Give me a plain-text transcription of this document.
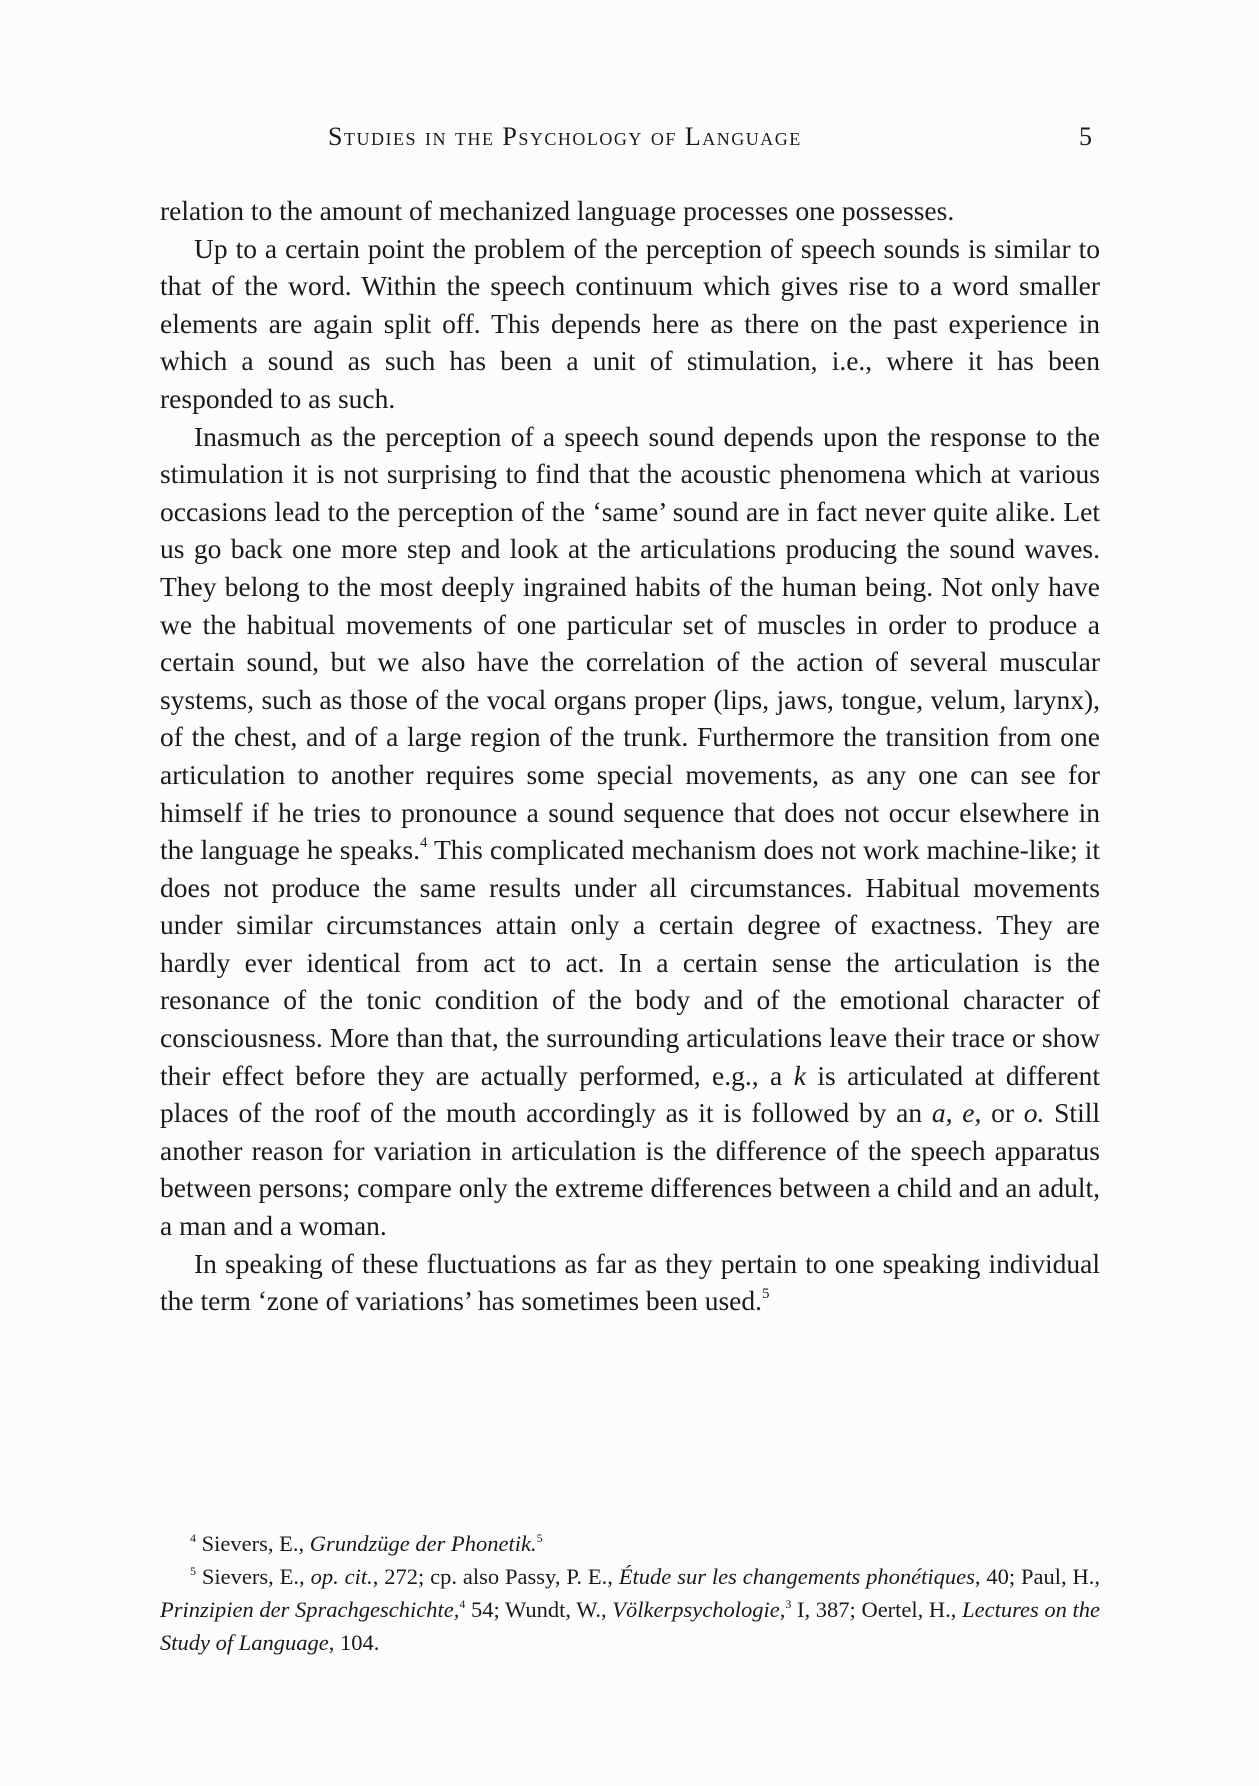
Studies in the Psychology of Language	5

relation to the amount of mechanized language processes one possesses.

Up to a certain point the problem of the perception of speech sounds is similar to that of the word. Within the speech continuum which gives rise to a word smaller elements are again split off. This depends here as there on the past experience in which a sound as such has been a unit of stimulation, i.e., where it has been responded to as such.

Inasmuch as the perception of a speech sound depends upon the response to the stimulation it is not surprising to find that the acoustic phenomena which at various occasions lead to the perception of the ‘same’ sound are in fact never quite alike. Let us go back one more step and look at the articulations producing the sound waves. They belong to the most deeply ingrained habits of the human being. Not only have we the habitual movements of one particular set of muscles in order to produce a certain sound, but we also have the correlation of the action of several muscular systems, such as those of the vocal organs proper (lips, jaws, tongue, velum, larynx), of the chest, and of a large region of the trunk. Furthermore the transition from one articulation to another requires some special movements, as any one can see for himself if he tries to pronounce a sound sequence that does not occur elsewhere in the language he speaks.$^4$ This complicated mechanism does not work machine-like; it does not produce the same results under all circumstances. Habitual movements under similar circumstances attain only a certain degree of exactness. They are hardly ever identical from act to act. In a certain sense the articulation is the resonance of the tonic condition of the body and of the emotional character of consciousness. More than that, the surrounding articulations leave their trace or show their effect before they are actually performed, e.g., a k is articulated at different places of the roof of the mouth accordingly as it is followed by an a, e, or o. Still another reason for variation in articulation is the difference of the speech apparatus between persons; compare only the extreme differences between a child and an adult, a man and a woman.

In speaking of these fluctuations as far as they pertain to one speaking individual the term ‘zone of variations’ has sometimes been used.$^5$

$^4$ Sievers, E., Grundzüge der Phonetik.$^5$

$^5$ Sievers, E., op. cit., 272; cp. also Passy, P. E., Étude sur les changements phonétiques, 40; Paul, H., Prinzipien der Sprachgeschichte,$^4$ 54; Wundt, W., Völkerpsychologie,$^3$ I, 387; Oertel, H., Lectures on the Study of Language, 104.
